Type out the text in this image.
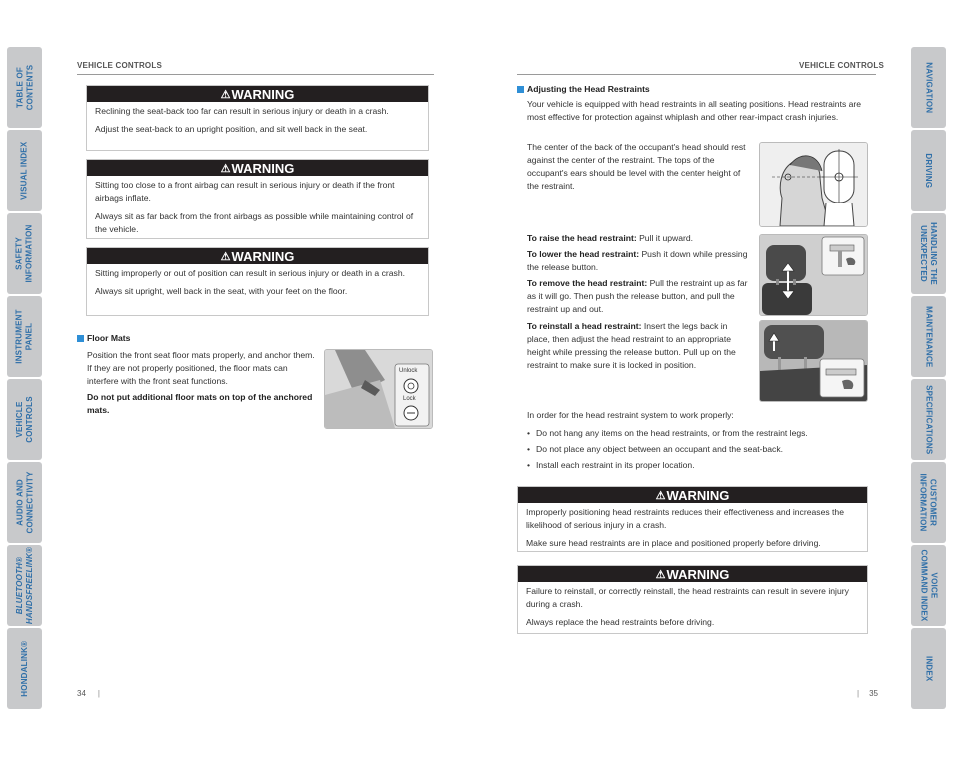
TABLE OF
CONTENTS
VISUAL INDEX
SAFETY
INFORMATION
INSTRUMENT
PANEL
VEHICLE
CONTROLS
AUDIO AND
CONNECTIVITY
BLUETOOTH®
HANDSFREELINK®
HONDALINK®
NAVIGATION
DRIVING
HANDLING THE
UNEXPECTED
MAINTENANCE
SPECIFICATIONS
CUSTOMER
INFORMATION
VOICE
COMMAND INDEX
INDEX
VEHICLE CONTROLS	VEHICLE CONTROLS
⚠ WARNING

Reclining the seat-back too far can result in serious injury or death in a crash.

Adjust the seat-back to an upright position, and sit well back in the seat.

⚠ WARNING

Sitting too close to a front airbag can result in serious injury or death if the front airbags inflate.

Always sit as far back from the front airbags as possible while maintaining control of the vehicle.

⚠ WARNING

Sitting improperly or out of position can result in serious injury or death in a crash.

Always sit upright, well back in the seat, with your feet on the floor.

Floor Mats

Position the front seat floor mats properly, and anchor them. If they are not properly positioned, the floor mats can interfere with the front seat functions.

Do not put additional floor mats on top of the anchored mats.

Unlock
Lock
34 |
Adjusting the Head Restraints

Your vehicle is equipped with head restraints in all seating positions. Head restraints are most effective for protection against whiplash and other rear-impact crash injuries.

The center of the back of the occupant's head should rest against the center of the restraint. The tops of the occupant's ears should be level with the center height of the restraint.

To raise the head restraint: Pull it upward.

To lower the head restraint: Push it down while pressing the release button.

To remove the head restraint: Pull the restraint up as far as it will go. Then push the release button, and pull the restraint up and out.

To reinstall a head restraint: Insert the legs back in place, then adjust the head restraint to an appropriate height while pressing the release button. Pull up on the restraint to make sure it is locked in position.

In order for the head restraint system to work properly:

• Do not hang any items on the head restraints, or from the restraint legs.
• Do not place any object between an occupant and the seat-back.
• Install each restraint in its proper location.
⚠ WARNING

Improperly positioning head restraints reduces their effectiveness and increases the likelihood of serious injury in a crash.

Make sure head restraints are in place and positioned properly before driving.

⚠ WARNING

Failure to reinstall, or correctly reinstall, the head restraints can result in severe injury during a crash.

Always replace the head restraints before driving.

| 35
